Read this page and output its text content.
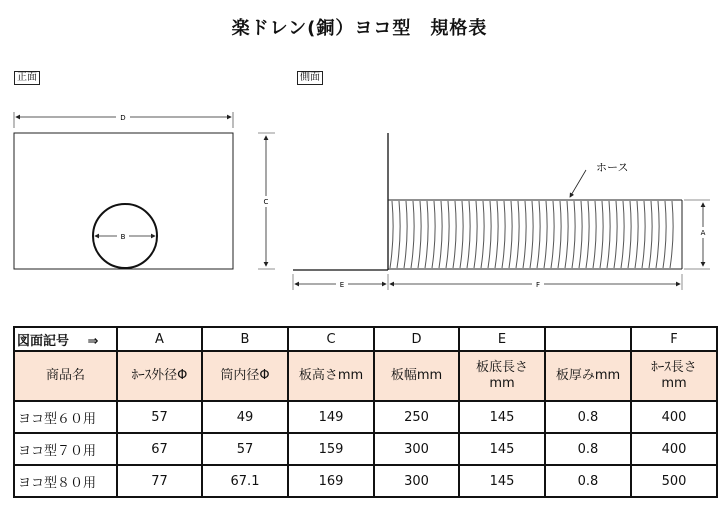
楽ドレン(銅）ヨコ型　規格表
D
B
C
ホース
A
E	F
正面	側面
図面記号 ⇒	A	B	C	D	E		F
商品名	ﾎｰｽ外径Φ	筒内径Φ	板高さmm	板幅mm	板底長さmm	板厚みmm	ﾎｰｽ長さmm
ヨコ型６０用	57	49	149	250	145	0.8	400
ヨコ型７０用	67	57	159	300	145	0.8	400
ヨコ型８０用	77	67.1	169	300	145	0.8	500
